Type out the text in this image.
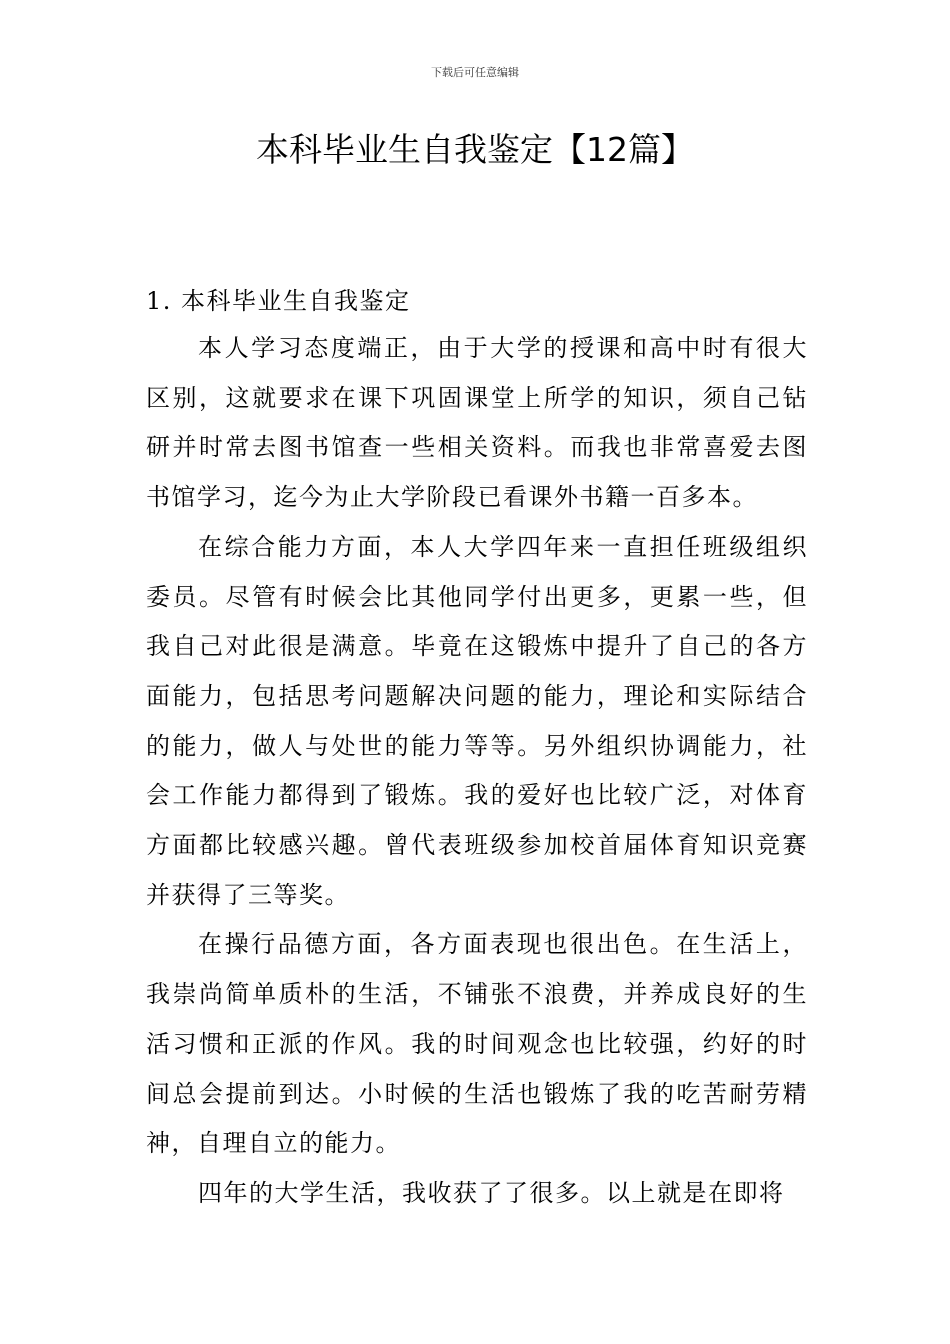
下载后可任意编辑
本科毕业生自我鉴定【12篇】

1. 本科毕业生自我鉴定

本人学习态度端正，由于大学的授课和高中时有很大区别，这就要求在课下巩固课堂上所学的知识，须自己钻研并时常去图书馆查一些相关资料。而我也非常喜爱去图书馆学习，迄今为止大学阶段已看课外书籍一百多本。

在综合能力方面，本人大学四年来一直担任班级组织委员。尽管有时候会比其他同学付出更多，更累一些，但我自己对此很是满意。毕竟在这锻炼中提升了自己的各方面能力，包括思考问题解决问题的能力，理论和实际结合的能力，做人与处世的能力等等。另外组织协调能力，社会工作能力都得到了锻炼。我的爱好也比较广泛，对体育方面都比较感兴趣。曾代表班级参加校首届体育知识竞赛并获得了三等奖。

在操行品德方面，各方面表现也很出色。在生活上，我崇尚简单质朴的生活，不铺张不浪费，并养成良好的生活习惯和正派的作风。我的时间观念也比较强，约好的时间总会提前到达。小时候的生活也锻炼了我的吃苦耐劳精神，自理自立的能力。

四年的大学生活，我收获了了很多。以上就是在即将
